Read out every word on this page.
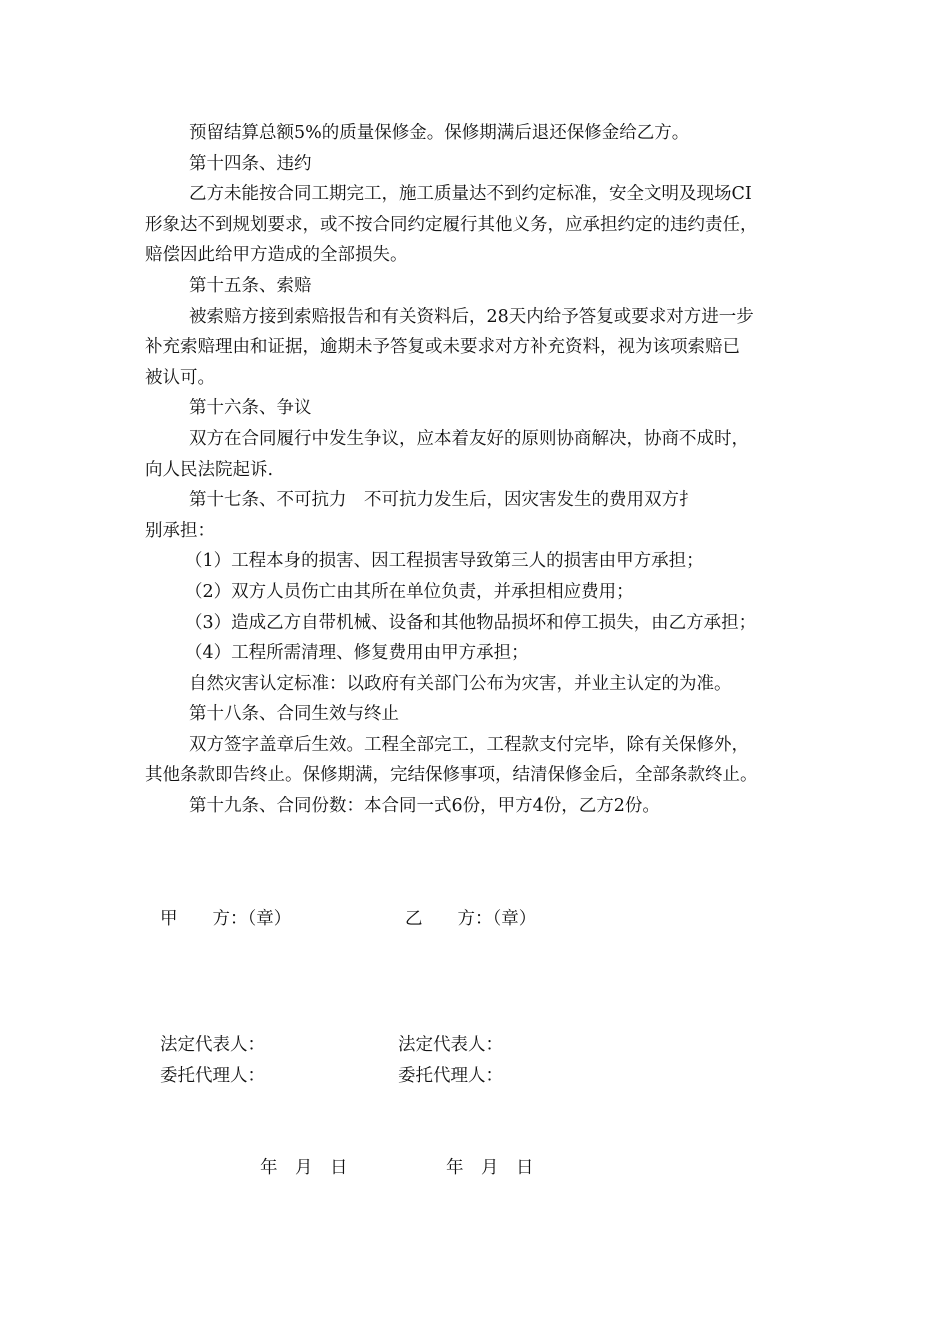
预留结算总额5%的质量保修金。保修期满后退还保修金给乙方。
第十四条、违约
乙方未能按合同工期完工，施工质量达不到约定标准，安全文明及现场CI
形象达不到规划要求，或不按合同约定履行其他义务，应承担约定的违约责任，
赔偿因此给甲方造成的全部损失。
第十五条、索赔
被索赔方接到索赔报告和有关资料后，28天内给予答复或要求对方进一步
补充索赔理由和证据，逾期未予答复或未要求对方补充资料，视为该项索赔已
被认可。
第十六条、争议
双方在合同履行中发生争议，应本着友好的原则协商解决，协商不成时，
向人民法院起诉.
第十七条、不可抗力　不可抗力发生后，因灾害发生的费用双方扌
别承担：
（1）工程本身的损害、因工程损害导致第三人的损害由甲方承担；
（2）双方人员伤亡由其所在单位负责，并承担相应费用；
（3）造成乙方自带机械、设备和其他物品损坏和停工损失，由乙方承担；
（4）工程所需清理、修复费用由甲方承担；
自然灾害认定标准：以政府有关部门公布为灾害，并业主认定的为准。
第十八条、合同生效与终止
双方签字盖章后生效。工程全部完工，工程款支付完毕，除有关保修外，
其他条款即告终止。保修期满，完结保修事项，结清保修金后，全部条款终止。
第十九条、合同份数：本合同一式6份，甲方4份，乙方2份。
甲　　方：（章）	乙　　方：（章）
法定代表人：	法定代表人：
委托代理人：	委托代理人：
年　月　日	年　月　日
